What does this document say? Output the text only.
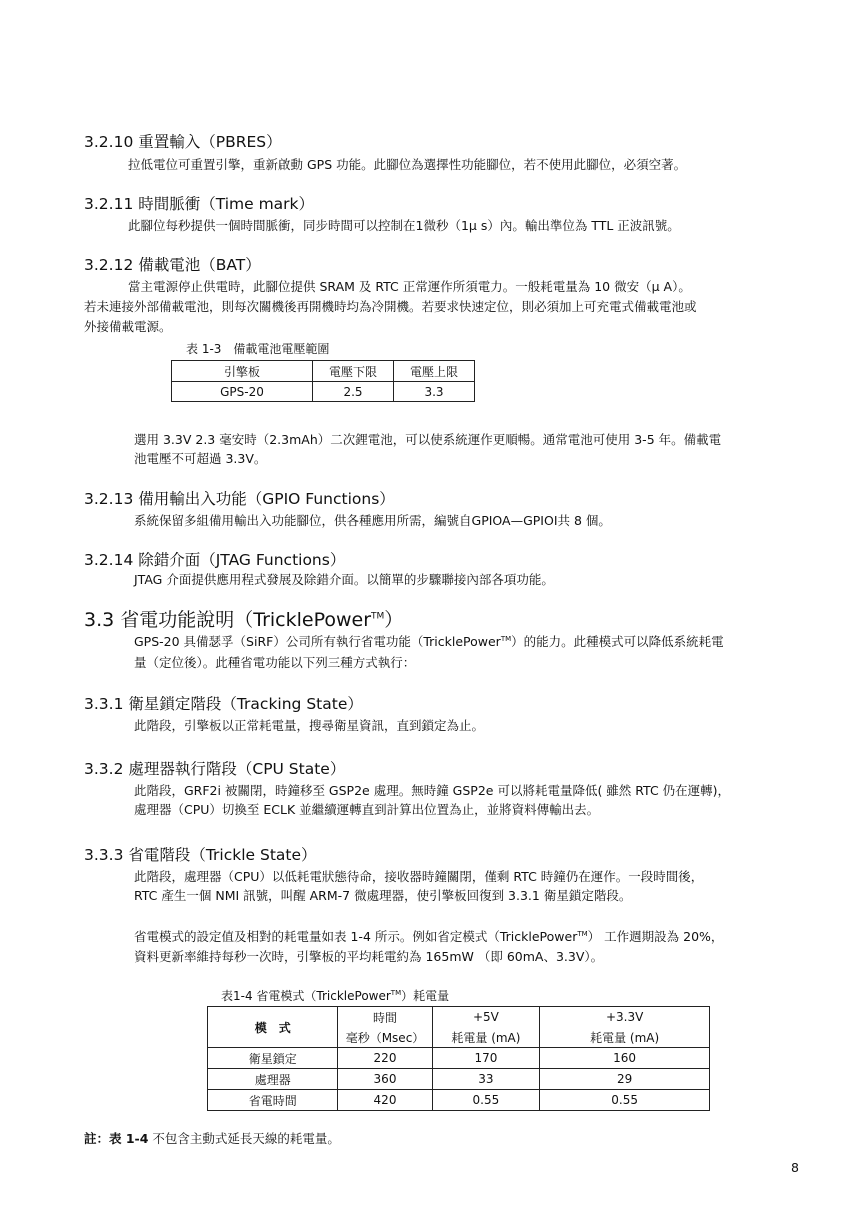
3.2.10 重置輸入（PBRES）
拉低電位可重置引擎，重新啟動 GPS 功能。此腳位為選擇性功能腳位，若不使用此腳位，必須空著。
3.2.11 時間脈衝（Time mark）
此腳位每秒提供一個時間脈衝，同步時間可以控制在1微秒（1μ s）內。輸出準位為 TTL 正波訊號。
3.2.12 備載電池（BAT）
當主電源停止供電時，此腳位提供 SRAM 及 RTC 正常運作所須電力。一般耗電量為 10 微安（μ A）。
若未連接外部備載電池，則每次關機後再開機時均為冷開機。若要求快速定位，則必須加上可充電式備載電池或
外接備載電源。
表 1-3　備載電池電壓範圍
引擎板	電壓下限	電壓上限
GPS-20	2.5	3.3
選用 3.3V 2.3 毫安時（2.3mAh）二次鋰電池，可以使系統運作更順暢。通常電池可使用 3-5 年。備載電
池電壓不可超過 3.3V。
3.2.13 備用輸出入功能（GPIO Functions）
系統保留多組備用輸出入功能腳位，供各種應用所需，編號自GPIOA—GPIOI共 8 個。
3.2.14 除錯介面（JTAG Functions）
JTAG 介面提供應用程式發展及除錯介面。以簡單的步驟聯接內部各項功能。
3.3 省電功能說明（TricklePower™）
GPS-20 具備瑟孚（SiRF）公司所有執行省電功能（TricklePower™）的能力。此種模式可以降低系統耗電
量（定位後）。此種省電功能以下列三種方式執行：
3.3.1 衛星鎖定階段（Tracking State）
此階段，引擎板以正常耗電量，搜尋衛星資訊，直到鎖定為止。
3.3.2 處理器執行階段（CPU State）
此階段，GRF2i 被關閉，時鐘移至 GSP2e 處理。無時鐘 GSP2e 可以將耗電量降低( 雖然 RTC 仍在運轉)，
處理器（CPU）切換至 ECLK 並繼續運轉直到計算出位置為止，並將資料傳輸出去。
3.3.3 省電階段（Trickle State）
此階段，處理器（CPU）以低耗電狀態待命，接收器時鐘關閉，僅剩 RTC 時鐘仍在運作。一段時間後，
RTC 產生一個 NMI 訊號，叫醒 ARM-7 微處理器，使引擎板回復到 3.3.1 衛星鎖定階段。
省電模式的設定值及相對的耗電量如表 1-4 所示。例如省定模式（TricklePower™） 工作週期設為 20%，
資料更新率維持每秒一次時，引擎板的平均耗電約為 165mW （即 60mA、3.3V）。
表1-4 省電模式（TricklePower™）耗電量
模　式	時間	+5V	+3.3V
	毫秒（Msec）	耗電量 (mA)	耗電量 (mA)
衛星鎖定	220	170	160
處理器	360	33	29
省電時間	420	0.55	0.55
註：表 1-4 不包含主動式延長天線的耗電量。
8
